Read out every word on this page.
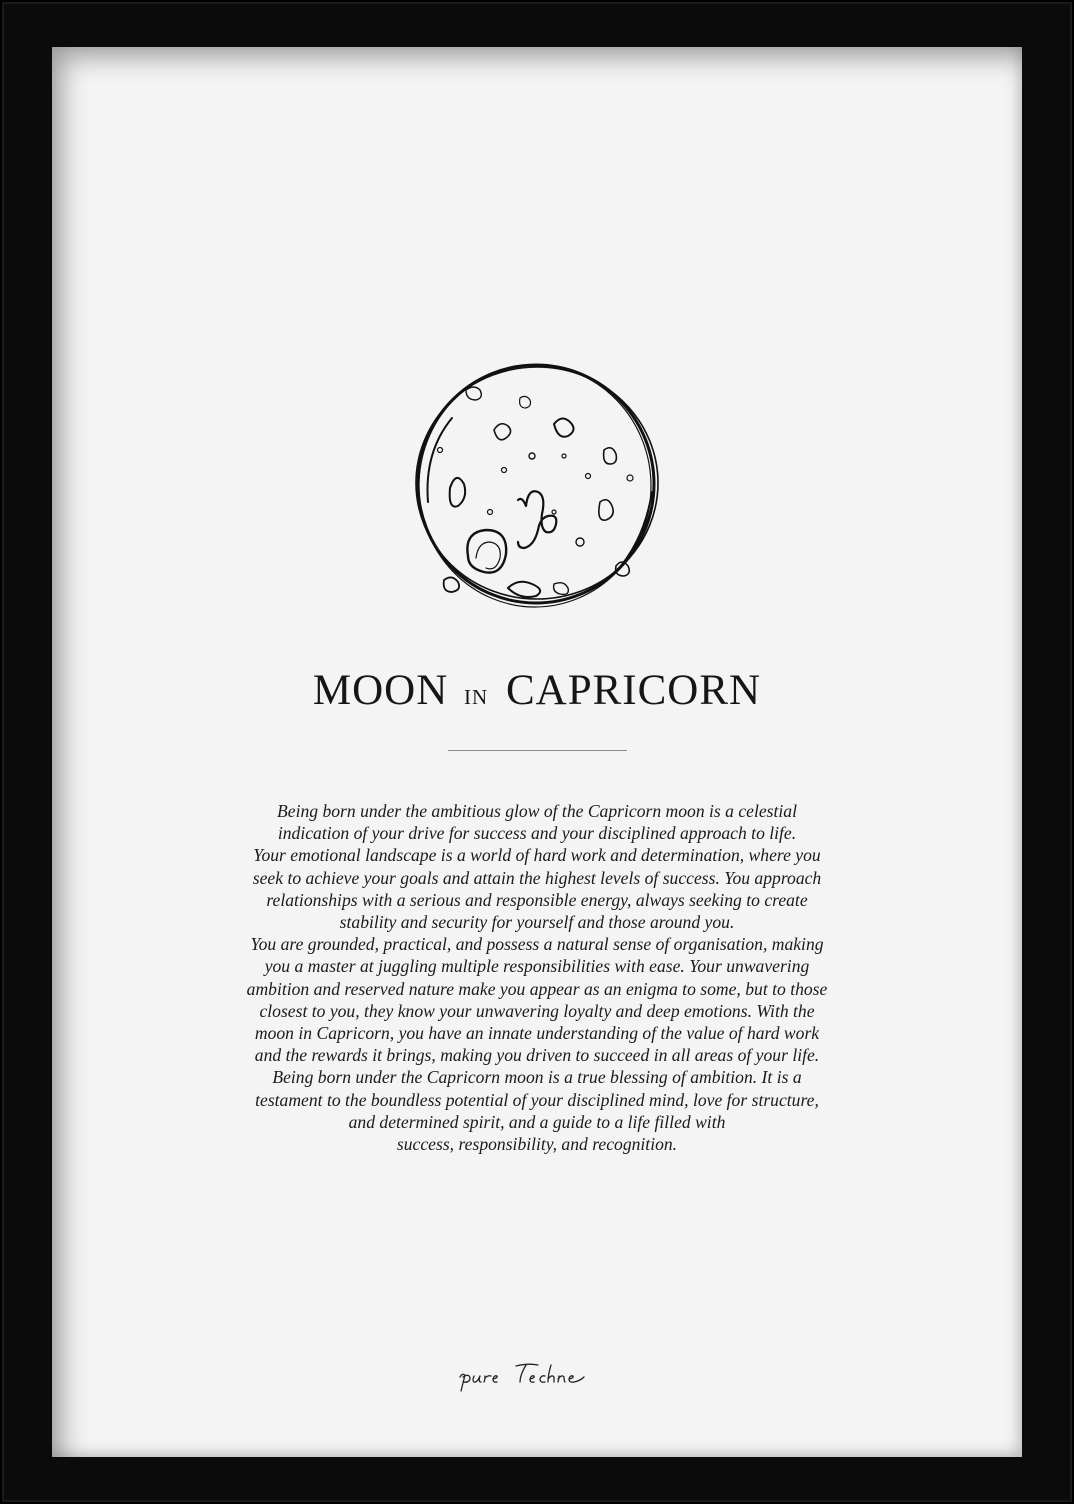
MOON IN CAPRICORN

Being born under the ambitious glow of the Capricorn moon is a celestial

indication of your drive for success and your disciplined approach to life.

Your emotional landscape is a world of hard work and determination, where you

seek to achieve your goals and attain the highest levels of success. You approach

relationships with a serious and responsible energy, always seeking to create

stability and security for yourself and those around you.

You are grounded, practical, and possess a natural sense of organisation, making

you a master at juggling multiple responsibilities with ease. Your unwavering

ambition and reserved nature make you appear as an enigma to some, but to those

closest to you, they know your unwavering loyalty and deep emotions. With the

moon in Capricorn, you have an innate understanding of the value of hard work

and the rewards it brings, making you driven to succeed in all areas of your life.

Being born under the Capricorn moon is a true blessing of ambition. It is a

testament to the boundless potential of your disciplined mind, love for structure,

and determined spirit, and a guide to a life filled with

success, responsibility, and recognition.
